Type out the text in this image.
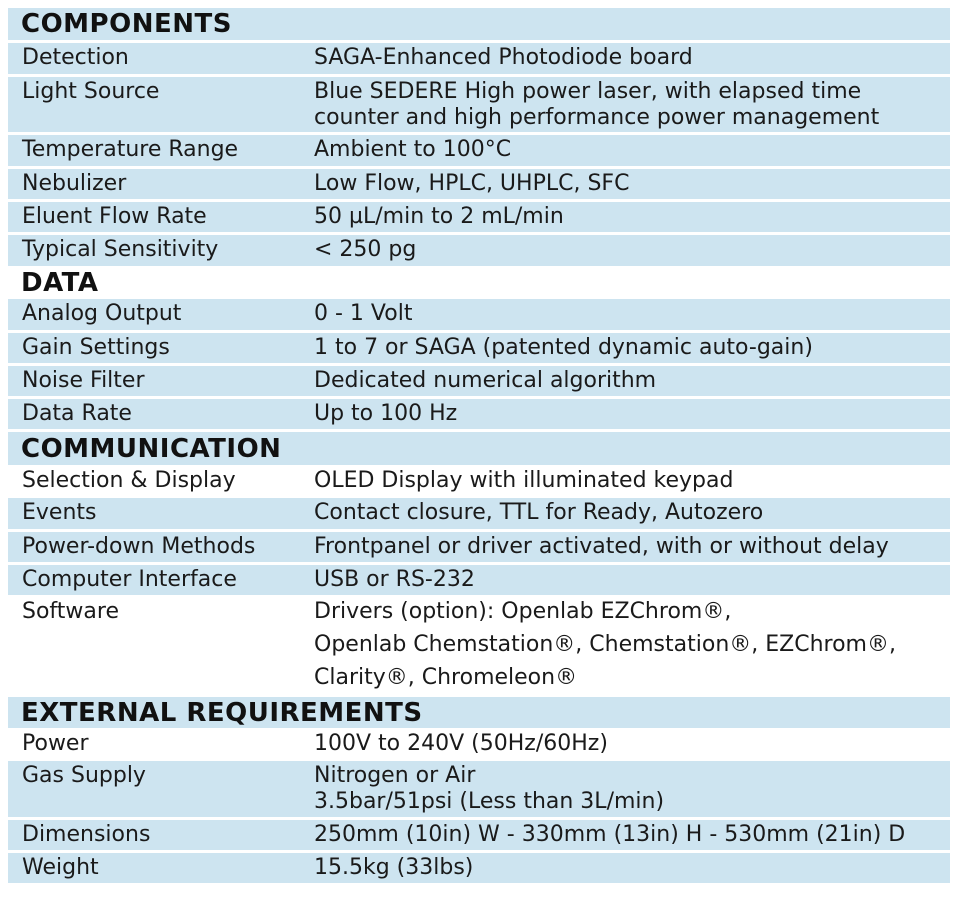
COMPONENTS
Detection	SAGA-Enhanced Photodiode board
Light Source	Blue SEDERE High power laser, with elapsed time
counter and high performance power management
Temperature Range	Ambient to 100°C
Nebulizer	Low Flow, HPLC, UHPLC, SFC
Eluent Flow Rate	50 µL/min to 2 mL/min
Typical Sensitivity	< 250 pg
DATA
Analog Output	0 - 1 Volt
Gain Settings	1 to 7 or SAGA (patented dynamic auto-gain)
Noise Filter	Dedicated numerical algorithm
Data Rate	Up to 100 Hz
COMMUNICATION
Selection & Display	OLED Display with illuminated keypad
Events	Contact closure, TTL for Ready, Autozero
Power-down Methods	Frontpanel or driver activated, with or without delay
Computer Interface	USB or RS-232
Software	Drivers (option): Openlab EZChrom®,
Openlab Chemstation®, Chemstation®, EZChrom®,
Clarity®, Chromeleon®
EXTERNAL REQUIREMENTS
Power	100V to 240V (50Hz/60Hz)
Gas Supply	Nitrogen or Air
3.5bar/51psi (Less than 3L/min)
Dimensions	250mm (10in) W - 330mm (13in) H - 530mm (21in) D
Weight	15.5kg (33lbs)
